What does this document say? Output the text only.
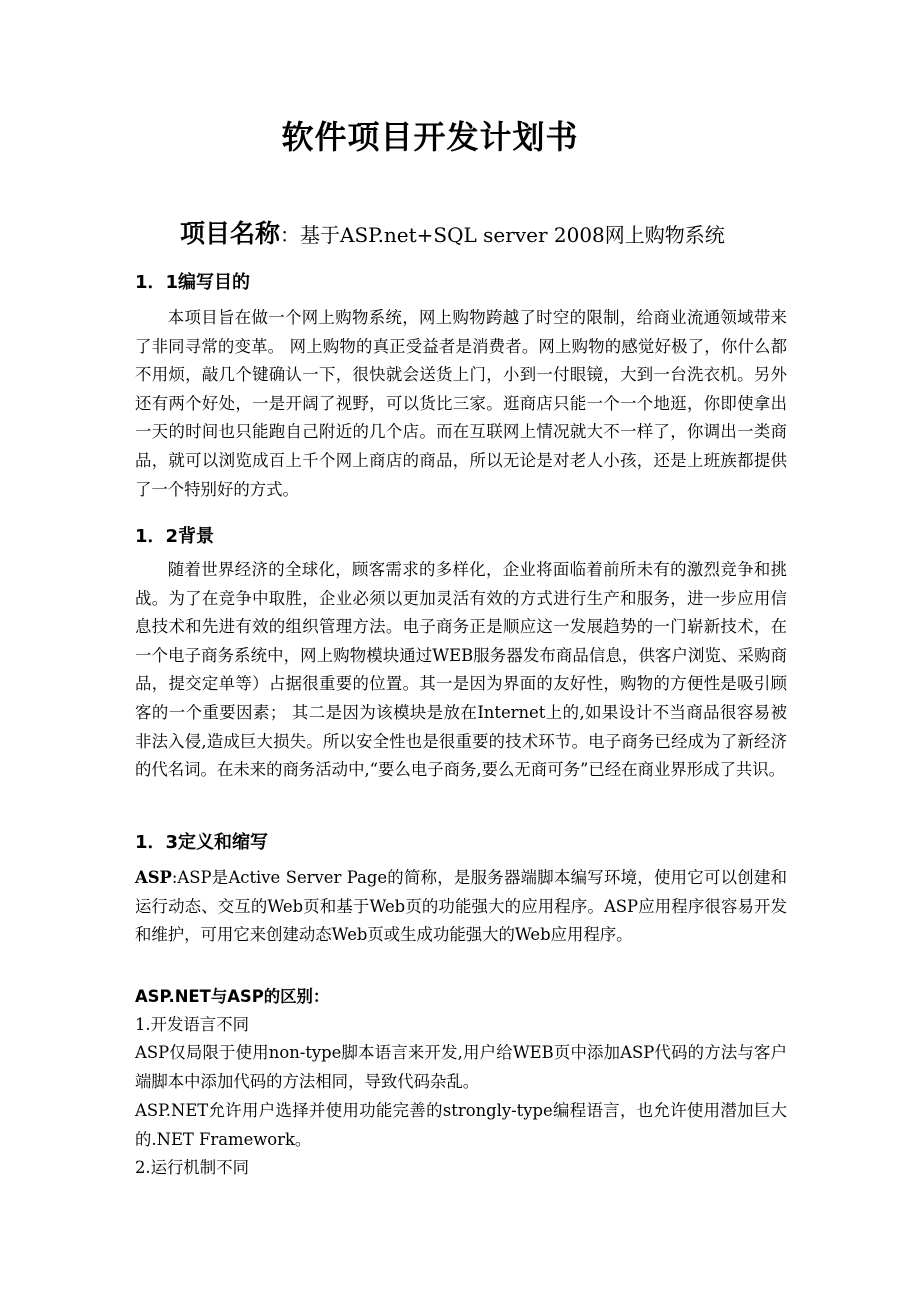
软件项目开发计划书
项目名称：基于ASP.net+SQL server 2008网上购物系统
1．1编写目的
本项目旨在做一个网上购物系统，网上购物跨越了时空的限制，给商业流通领域带来了非同寻常的变革。 网上购物的真正受益者是消费者。网上购物的感觉好极了，你什么都不用烦，敲几个键确认一下，很快就会送货上门，小到一付眼镜，大到一台洗衣机。另外还有两个好处，一是开阔了视野，可以货比三家。逛商店只能一个一个地逛，你即使拿出一天的时间也只能跑自己附近的几个店。而在互联网上情况就大不一样了，你调出一类商品，就可以浏览成百上千个网上商店的商品，所以无论是对老人小孩，还是上班族都提供了一个特别好的方式。
1．2背景
随着世界经济的全球化，顾客需求的多样化，企业将面临着前所未有的激烈竞争和挑战。为了在竞争中取胜，企业必须以更加灵活有效的方式进行生产和服务，进一步应用信息技术和先进有效的组织管理方法。电子商务正是顺应这一发展趋势的一门崭新技术，在一个电子商务系统中，网上购物模块通过WEB服务器发布商品信息，供客户浏览、采购商品，提交定单等）占据很重要的位置。其一是因为界面的友好性，购物的方便性是吸引顾客的一个重要因素； 其二是因为该模块是放在Internet上的,如果设计不当商品很容易被非法入侵,造成巨大损失。所以安全性也是很重要的技术环节。电子商务已经成为了新经济的代名词。在未来的商务活动中,“要么电子商务,要么无商可务”已经在商业界形成了共识。
1．3定义和缩写
ASP:ASP是Active Server Page的简称，是服务器端脚本编写环境，使用它可以创建和运行动态、交互的Web页和基于Web页的功能强大的应用程序。ASP应用程序很容易开发和维护，可用它来创建动态Web页或生成功能强大的Web应用程序。
ASP.NET与ASP的区别：
1.开发语言不同
ASP仅局限于使用non-type脚本语言来开发,用户给WEB页中添加ASP代码的方法与客户端脚本中添加代码的方法相同，导致代码杂乱。
ASP.NET允许用户选择并使用功能完善的strongly-type编程语言，也允许使用潜加巨大的.NET Framework。
2.运行机制不同
